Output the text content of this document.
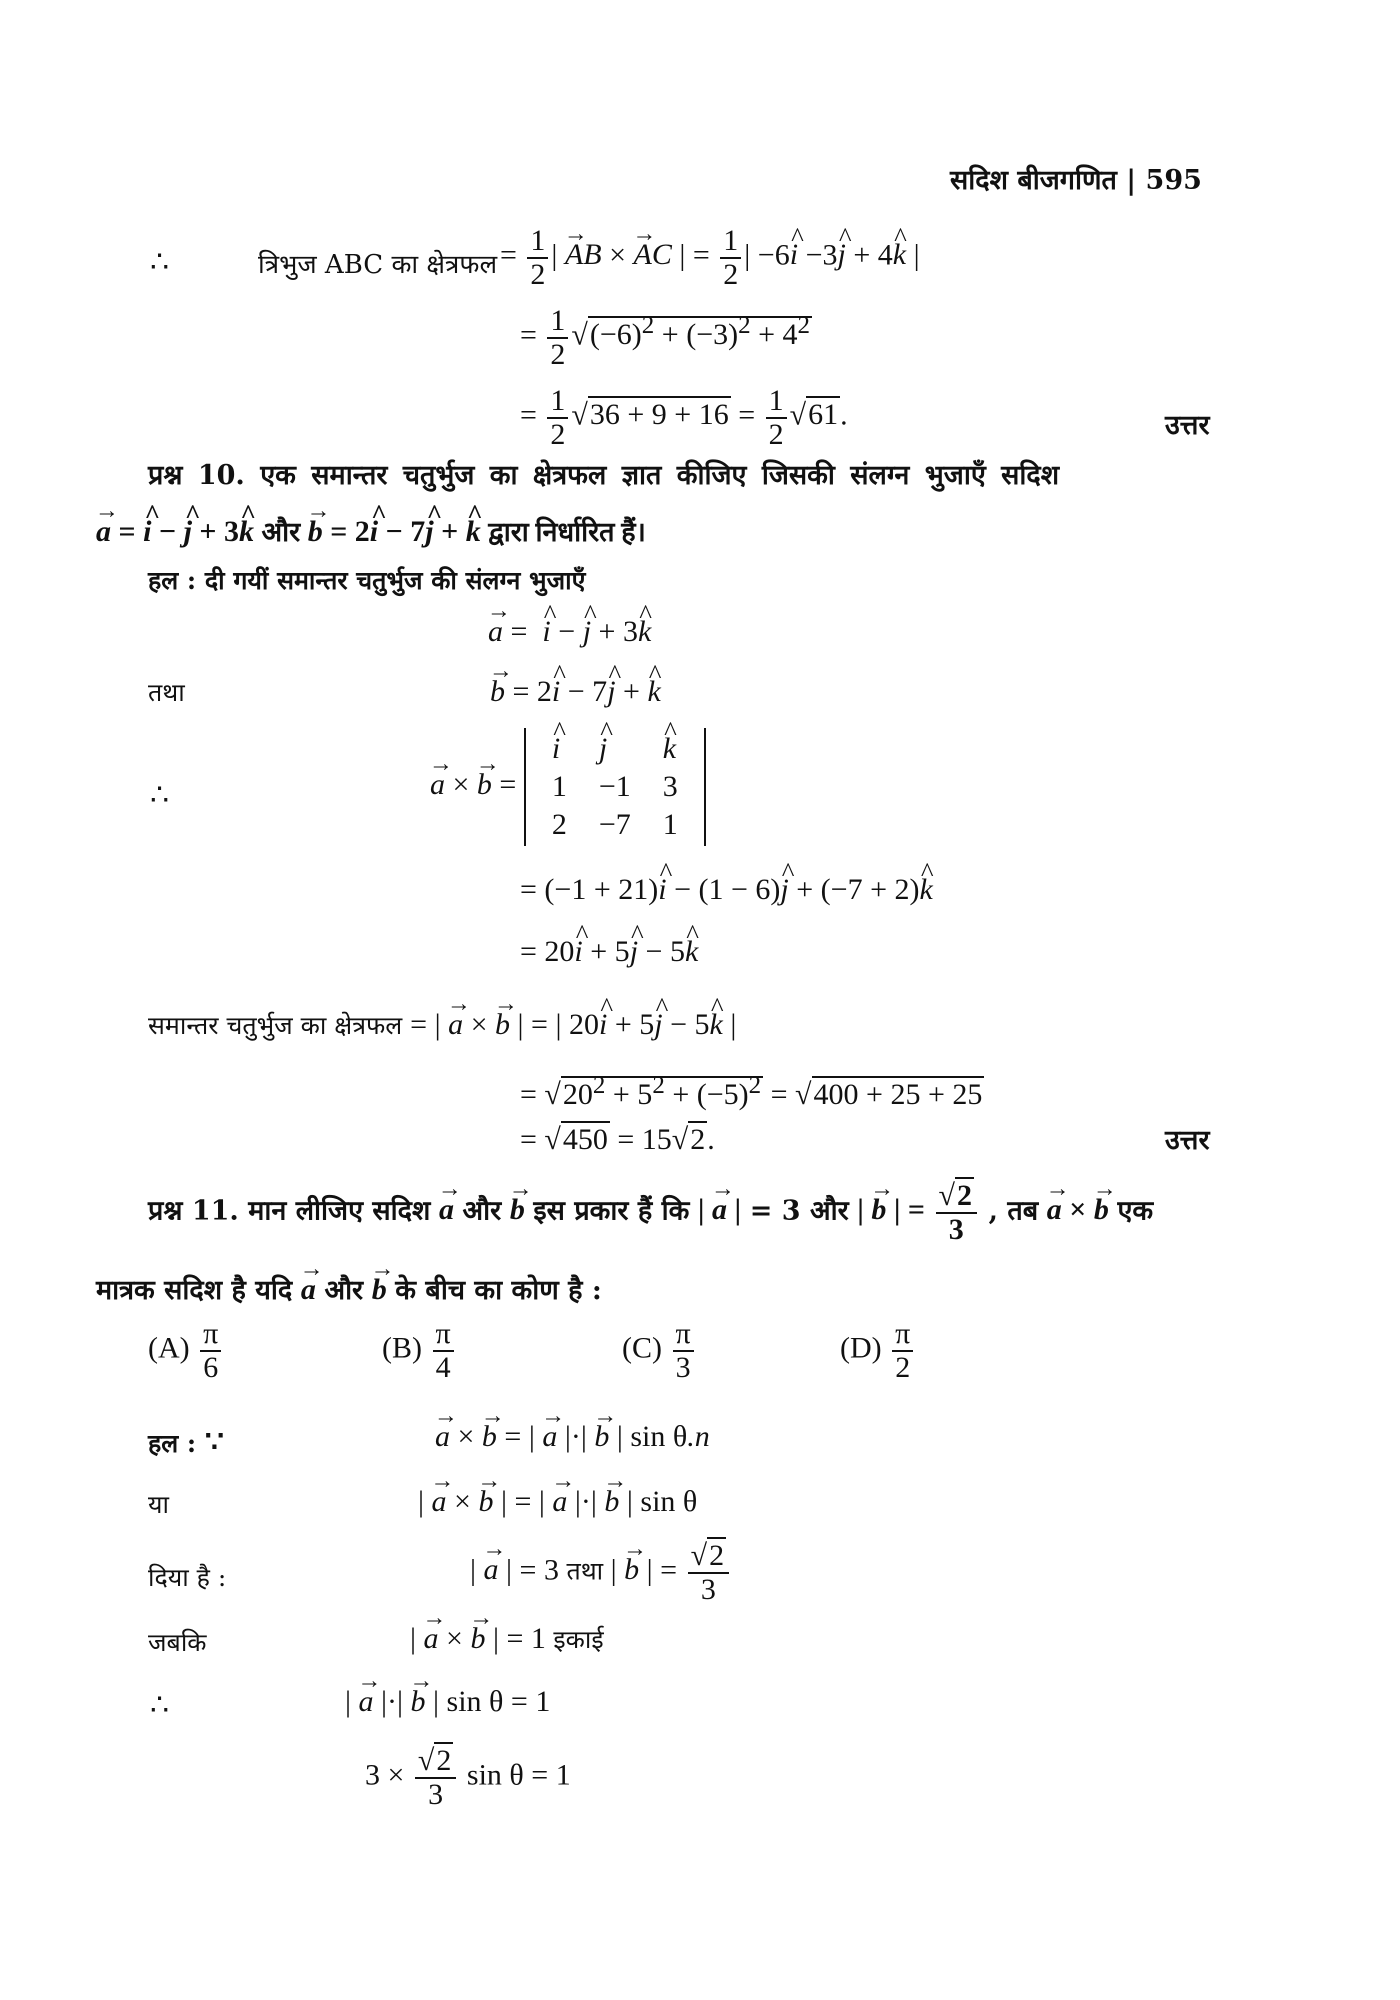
सदिश बीजगणित | 595
∴	त्रिभुज ABC का क्षेत्रफल = $\frac{1}{2}$ | → AB × → AC | = $\frac{1}{2}$ | −6^ i −3^ j + 4^ k |
= $\frac{1}{2} √(-6)^2 + (-3)^2 + 4^2$
= $\frac{1}{2} √36 + 9 + 16 = \frac{1}{2} √61$.	उत्तर
प्रश्न 10. एक समान्तर चतुर्भुज का क्षेत्रफल ज्ञात कीजिए जिसकी संलग्न भुजाएँ सदिश
→ a = ^ i − ^ j + 3^ k और → b = 2^ i − 7^ j + ^ k द्वारा निर्धारित हैं।
हल : दी गयीं समान्तर चतुर्भुज की संलग्न भुजाएँ
→ a =  ^ i − ^ j + 3^ k
तथा	→ b = 2^ i − 7^ j + ^ k
∴	→ a × → b =
^ i	^ j	^ k
1	−1	3
2	−7	1
= (−1 + 21)^ i − (1 − 6)^ j + (−7 + 2)^ k
= 20^ i + 5^ j − 5^ k
समान्तर चतुर्भुज का क्षेत्रफल = | → a × → b | = | 20^ i + 5^ j − 5^ k |
= $√20^2 + 5^2 + (-5)^2 = √400 + 25 + 25$
= √450 = 15√2.	उत्तर
प्रश्न 11. मान लीजिए सदिश → a और → b इस प्रकार हैं कि | → a | = 3 और | → b | = $\frac{√2}{3}$ , तब → a × → b एक
मात्रक सदिश है यदि → a और → b के बीच का कोण है :
$(A) \frac{\pi}{6}$	$(B) \frac{\pi}{4}$	$(C) \frac{\pi}{3}$	$(D) \frac{\pi}{2}$
हल : ∵	→ a × → b = | → a |·| → b | sin θ.n
या	| → a × → b | = | → a |·| → b | sin θ
दिया है :	| → a | = 3 तथा | → b | = $\frac{√2}{3}$
जबकि	| → a × → b | = 1 इकाई
∴	| → a |·| → b | sin θ = 1
$3 \times \frac{√2}{3}$ sin θ = 1
